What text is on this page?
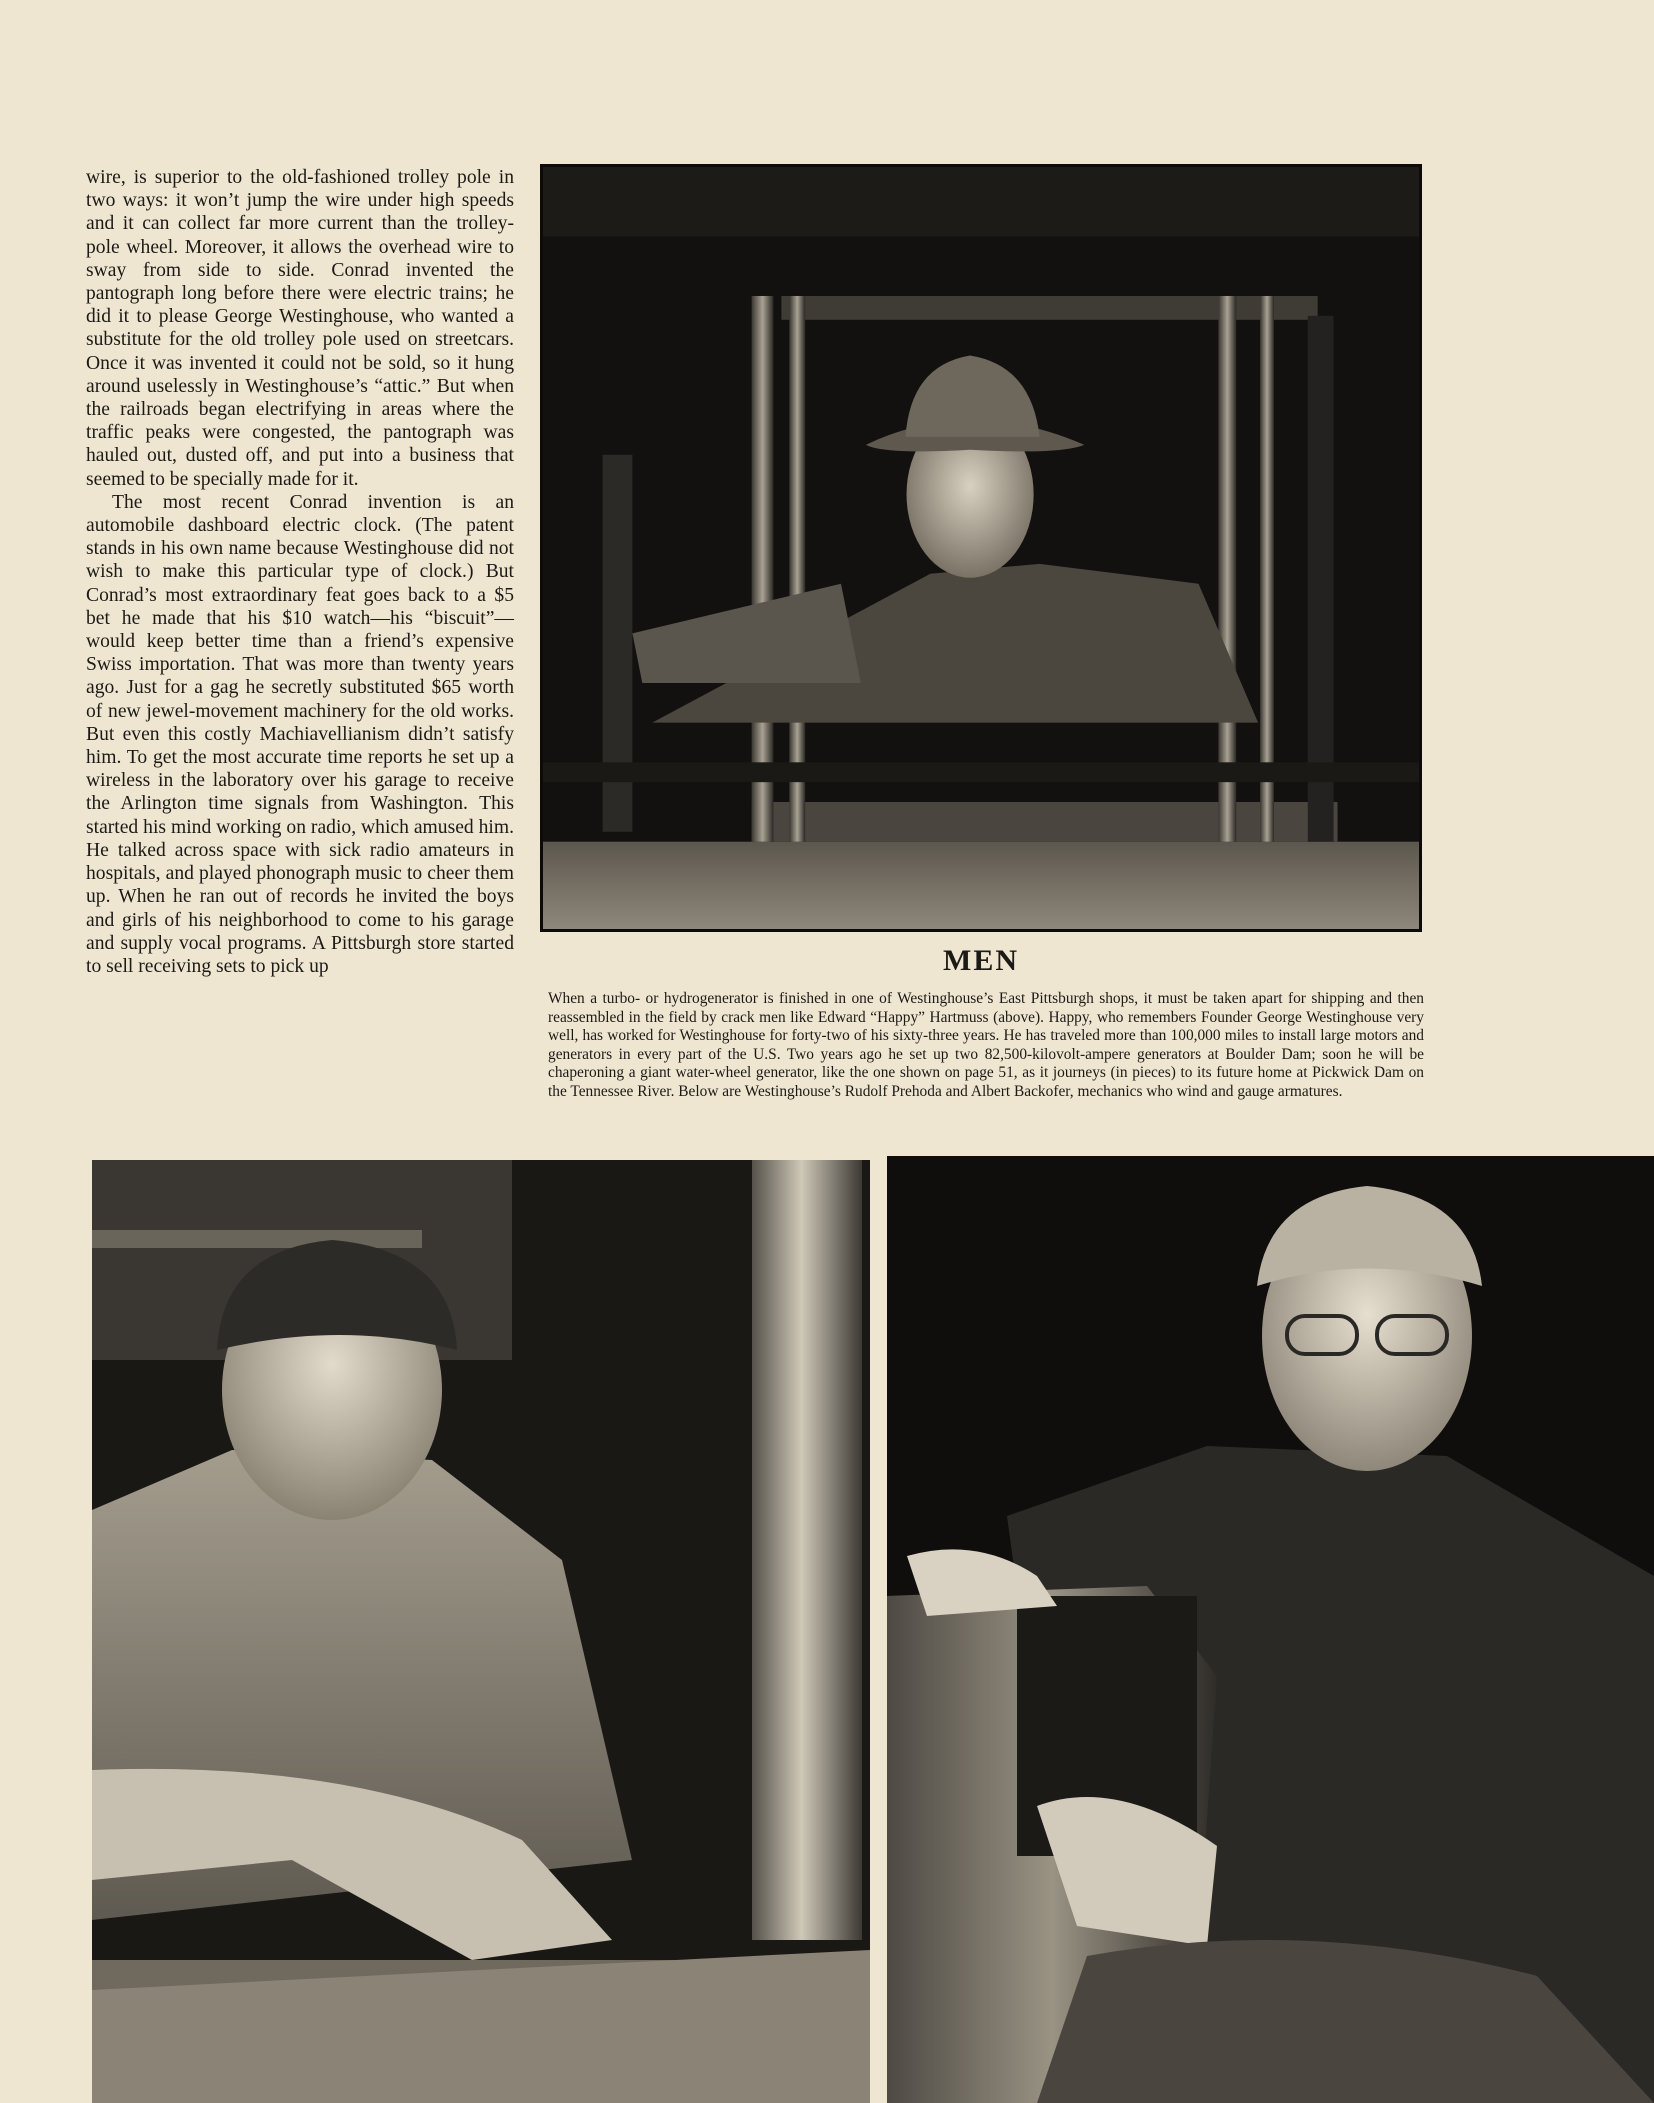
wire, is superior to the old-fashioned trolley pole in two ways: it won’t jump the wire under high speeds and it can collect far more current than the trolley-pole wheel. Moreover, it allows the overhead wire to sway from side to side. Conrad invented the pantograph long before there were electric trains; he did it to please George Westinghouse, who wanted a substitute for the old trolley pole used on streetcars. Once it was invented it could not be sold, so it hung around uselessly in Westinghouse’s “attic.” But when the railroads began electrifying in areas where the traffic peaks were congested, the pantograph was hauled out, dusted off, and put into a business that seemed to be specially made for it.

The most recent Conrad invention is an automobile dashboard electric clock. (The patent stands in his own name because Westinghouse did not wish to make this particular type of clock.) But Conrad’s most extraordinary feat goes back to a $5 bet he made that his $10 watch—his “biscuit”—would keep better time than a friend’s expensive Swiss importation. That was more than twenty years ago. Just for a gag he secretly substituted $65 worth of new jewel-movement machinery for the old works. But even this costly Machiavellianism didn’t satisfy him. To get the most accurate time reports he set up a wireless in the laboratory over his garage to receive the Arlington time signals from Washington. This started his mind working on radio, which amused him. He talked across space with sick radio amateurs in hospitals, and played phonograph music to cheer them up. When he ran out of records he invited the boys and girls of his neighborhood to come to his garage and supply vocal programs. A Pittsburgh store started to sell receiving sets to pick up	MEN
When a turbo- or hydrogenerator is finished in one of Westinghouse’s East Pittsburgh shops, it must be taken apart for shipping and then reassembled in the field by crack men like Edward “Happy” Hartmuss (above). Happy, who remembers Founder George Westinghouse very well, has worked for Westinghouse for forty-two of his sixty-three years. He has traveled more than 100,000 miles to install large motors and generators in every part of the U.S. Two years ago he set up two 82,500-kilovolt-ampere generators at Boulder Dam; soon he will be chaperoning a giant water-wheel generator, like the one shown on page 51, as it journeys (in pieces) to its future home at Pickwick Dam on the Tennessee River. Below are Westinghouse’s Rudolf Prehoda and Albert Backofer, mechanics who wind and gauge armatures.
